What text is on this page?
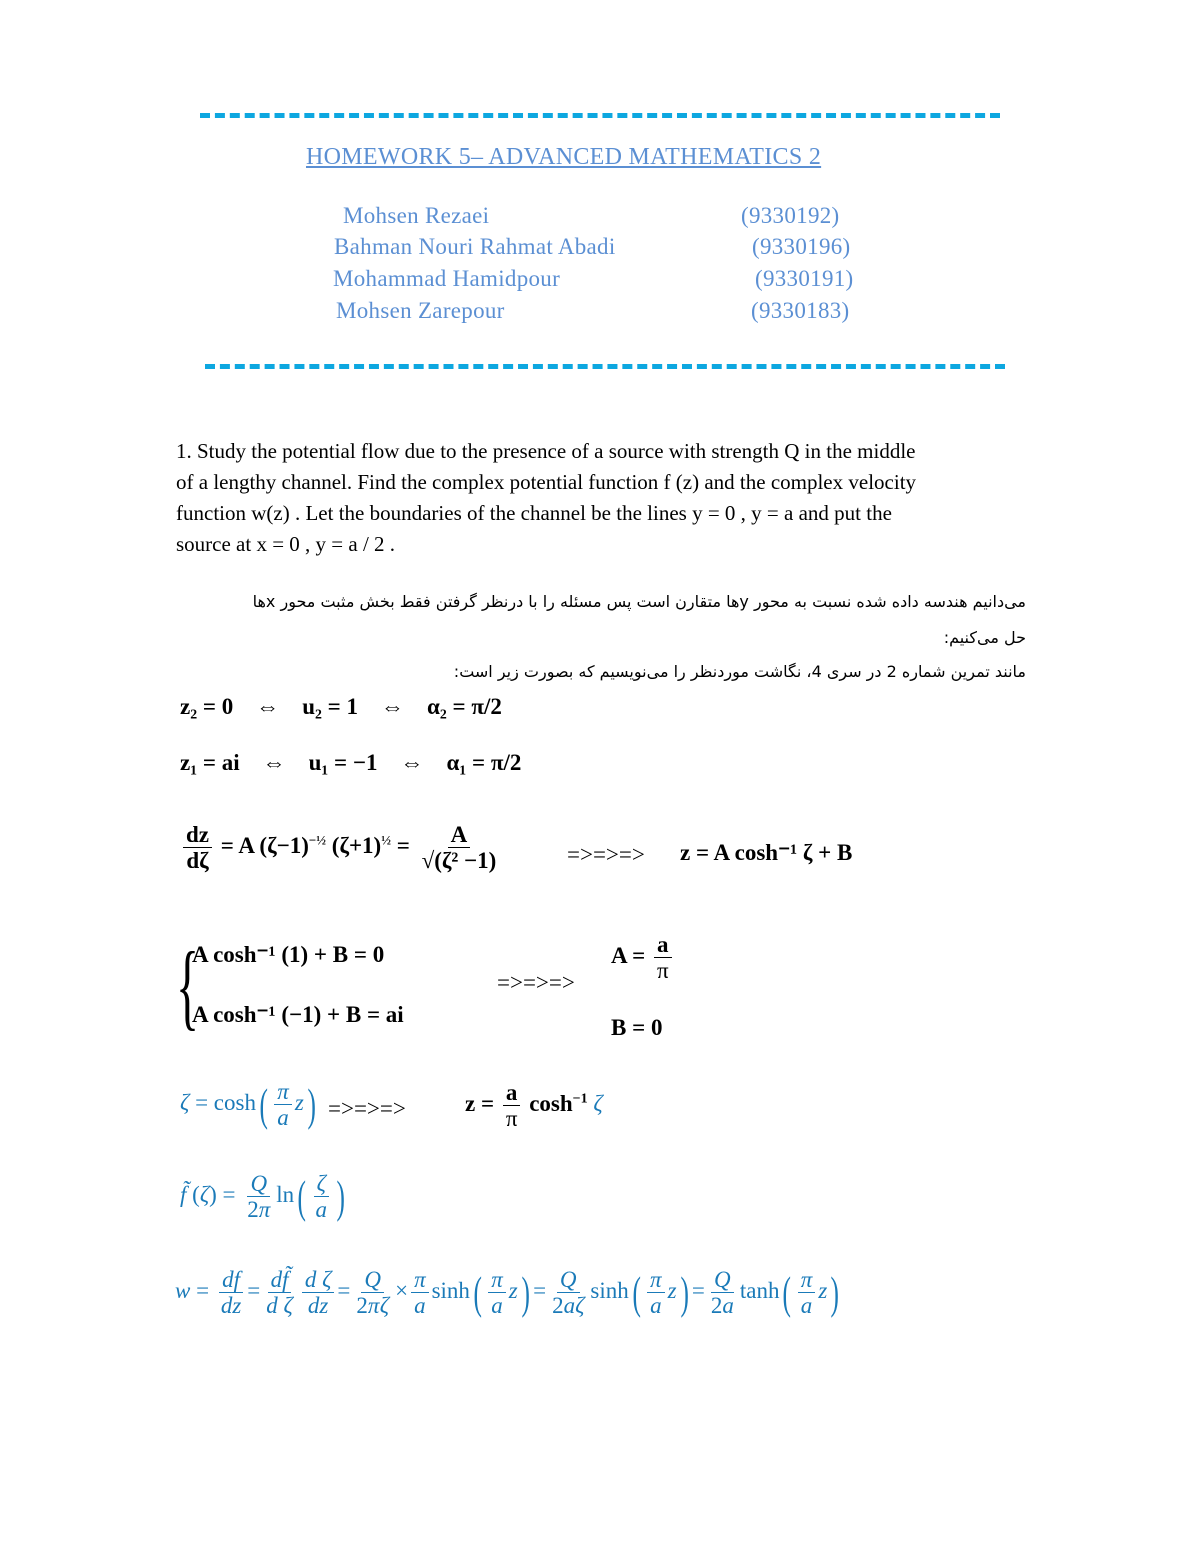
HOMEWORK 5– ADVANCED MATHEMATICS 2
Mohsen Rezaei	(9330192)
Bahman Nouri Rahmat Abadi	(9330196)
Mohammad Hamidpour	(9330191)
Mohsen Zarepour	(9330183)
1. Study the potential flow due to the presence of a source with strength Q in the middle
of a lengthy channel. Find the complex potential function f (z) and the complex velocity
function w(z) . Let the boundaries of the channel be the lines y = 0 , y = a and put the
source at x = 0 , y = a / 2 .
می‌دانیم هندسه داده شده نسبت به محور yها متقارن است پس مسئله را با درنظر گرفتن فقط بخش مثبت محور xها
حل می‌کنیم:
مانند تمرین شماره 2 در سری 4، نگاشت موردنظر را می‌نویسیم که بصورت زیر است:
z₂ = 0    ⇔    u₂ = 1    ⇔    α₂ = π/2
z₁ = ai    ⇔    u₁ = −1    ⇔    α₁ = π/2
$\frac{dz}{d\zeta} = A$ $(\zeta-1)^{-\frac{1}{2}}$ $(\zeta+1)^{\frac{1}{2}} = \frac{A}{\text{√(ζ² −1)}}$	=>=>=> z = A cosh⁻¹ ζ + B
{
A cosh⁻¹ (1) + B = 0
A cosh⁻¹ (−1) + B = ai
=>=>=>
$A = \frac{a}{\pi}$
B = 0
$\zeta = \cosh( \frac{\pi}{a} z)$ =>=>=>	$z = \frac{a}{\pi} \cosh^{-1} \zeta$
f̃ $(\zeta) = \frac{Q}{2\pi} \ln( \frac{\zeta}{a}$ )
$w = \frac{df}{dz} = \frac{df̃}{\text{d ζ}} \frac{\text{d ζ}}{dz} = \frac{Q}{2\pi\zeta} \times \frac{\pi}{a} \sinh( \frac{\pi}{a} z) = \frac{Q}{2a\zeta} \sinh( \frac{\pi}{a} z) = \frac{Q}{2a} \tanh( \frac{\pi}{a} z)$
